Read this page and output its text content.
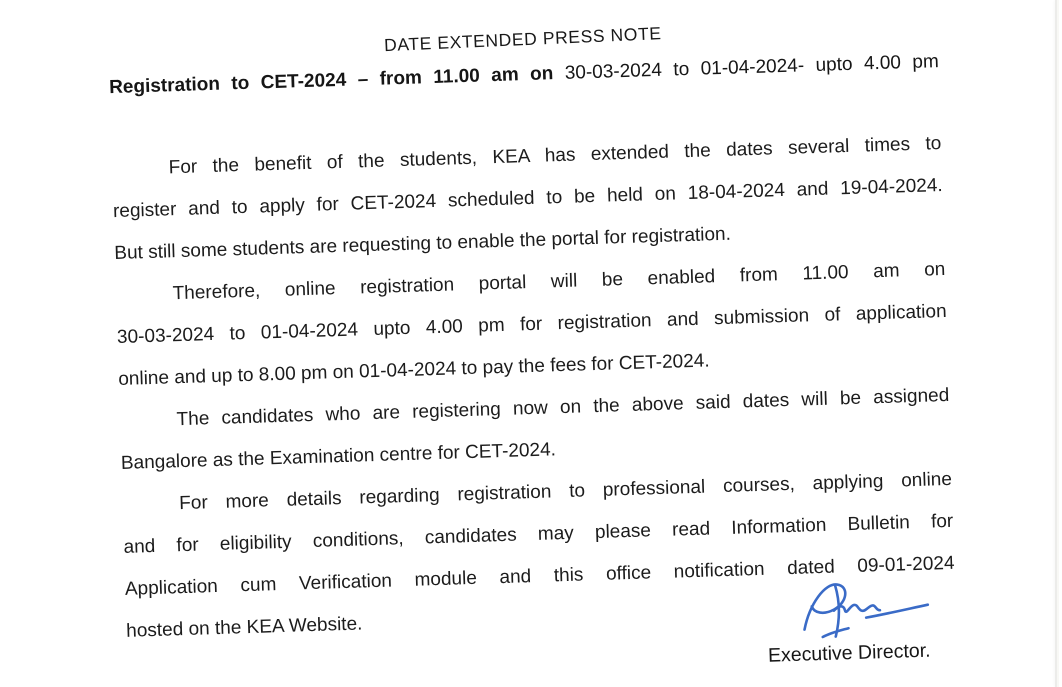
DATE EXTENDED PRESS NOTE
Registration to CET-2024 – from 11.00 am on 30-03-2024 to 01-04-2024- upto 4.00 pm
For the benefit of the students, KEA has extended the dates several times to
register and to apply for CET-2024 scheduled to be held on 18-04-2024 and 19-04-2024.
But still some students are requesting to enable the portal for registration.
Therefore, online registration portal will be enabled from 11.00 am on
30-03-2024 to 01-04-2024 upto 4.00 pm for registration and submission of application
online and up to 8.00 pm on 01-04-2024 to pay the fees for CET-2024.
The candidates who are registering now on the above said dates will be assigned
Bangalore as the Examination centre for CET-2024.
For more details regarding registration to professional courses, applying online
and for eligibility conditions, candidates may please read Information Bulletin for
Application cum Verification module and this office notification dated 09-01-2024
hosted on the KEA Website.
Executive Director.
